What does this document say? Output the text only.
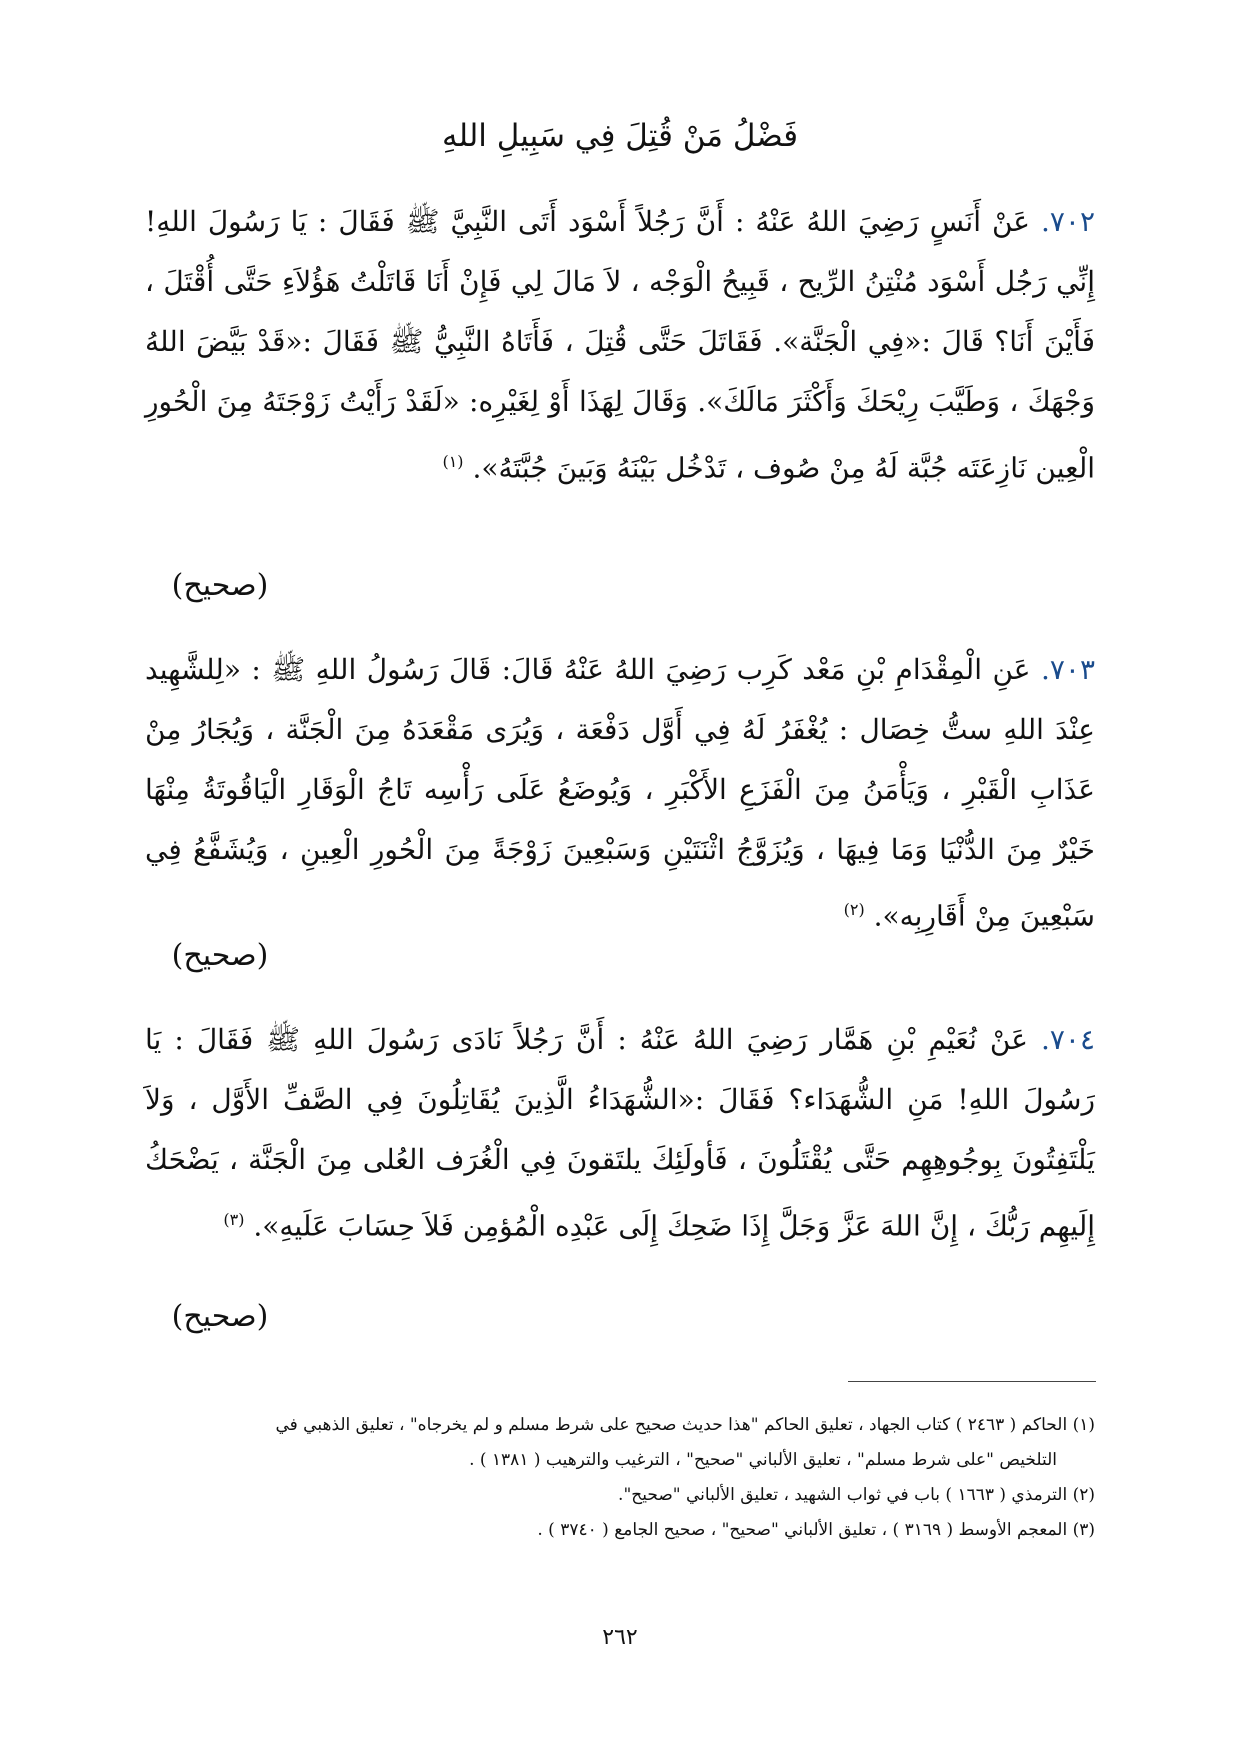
فَضْلُ مَنْ قُتِلَ فِي سَبِيلِ اللهِ
٧٠٢. عَنْ أَنَسٍ رَضِيَ اللهُ عَنْهُ : أَنَّ رَجُلاً أَسْوَد أَتَى النَّبِيَّ ﷺ فَقَالَ : يَا رَسُولَ اللهِ! إِنِّي رَجُل أَسْوَد مُنْتِنُ الرِّيح ، قَبِيحُ الْوَجْه ، لاَ مَالَ لِي فَإِنْ أَنَا قَاتَلْتُ هَؤُلاَءِ حَتَّى أُقْتَلَ ، فَأَيْنَ أَنَا؟ قَالَ :«فِي الْجَنَّة». فَقَاتَلَ حَتَّى قُتِلَ ، فَأَتَاهُ النَّبِيُّ ﷺ فَقَالَ :«قَدْ بَيَّضَ اللهُ وَجْهَكَ ، وَطَيَّبَ رِيْحَكَ وَأَكْثَرَ مَالَكَ». وَقَالَ لِهَذَا أَوْ لِغَيْرِه: «لَقَدْ رَأَيْتُ زَوْجَتَهُ مِنَ الْحُورِ الْعِين نَازِعَتَه جُبَّة لَهُ مِنْ صُوف ، تَدْخُل بَيْنَهُ وَبَينَ جُبَّتَهُ». $^{(١)}$
(صحيح)
٧٠٣. عَنِ الْمِقْدَامِ بْنِ مَعْد كَرِب رَضِيَ اللهُ عَنْهُ قَالَ: قَالَ رَسُولُ اللهِ ﷺ : «لِلشَّهِيد عِنْدَ اللهِ ستُّ خِصَال : يُغْفَرُ لَهُ فِي أَوَّل دَفْعَة ، وَيُرَى مَقْعَدَهُ مِنَ الْجَنَّة ، وَيُجَارُ مِنْ عَذَابِ الْقَبْرِ ، وَيَأْمَنُ مِنَ الْفَزَعِ الأَكْبَرِ ، وَيُوضَعُ عَلَى رَأْسِه تَاجُ الْوَقَارِ الْيَاقُوتَةُ مِنْهَا خَيْرٌ مِنَ الدُّنْيَا وَمَا فِيهَا ، وَيُزَوَّجُ اثْنَتَيْنِ وَسَبْعِينَ زَوْجَةً مِنَ الْحُورِ الْعِينِ ، وَيُشَفَّعُ فِي سَبْعِينَ مِنْ أَقَارِبِه». $^{(٢)}$
(صحيح)
٧٠٤. عَنْ نُعَيْمِ بْنِ هَمَّار رَضِيَ اللهُ عَنْهُ : أَنَّ رَجُلاً نَادَى رَسُولَ اللهِ ﷺ فَقَالَ : يَا رَسُولَ اللهِ! مَنِ الشُّهَدَاء؟ فَقَالَ :«الشُّهَدَاءُ الَّذِينَ يُقَاتِلُونَ فِي الصَّفِّ الأَوَّل ، وَلاَ يَلْتَفِتُونَ بِوجُوهِهِم حَتَّى يُقْتَلُونَ ، فَأولَئِكَ يلتَقونَ فِي الْغُرَف العُلى مِنَ الْجَنَّة ، يَضْحَكُ إِلَيهِم رَبُّكَ ، إِنَّ اللهَ عَزَّ وَجَلَّ إِذَا ضَحِكَ إِلَى عَبْدِه الْمُؤمِن فَلاَ حِسَابَ عَلَيهِ». $^{(٣)}$
(صحيح)
(١) الحاكم ( ٢٤٦٣ ) كتاب الجهاد ، تعليق الحاكم "هذا حديث صحيح على شرط مسلم و لم يخرجاه" ، تعليق الذهبي في
التلخيص "على شرط مسلم" ، تعليق الألباني "صحيح" ، الترغيب والترهيب ( ١٣٨١ ) .
(٢) الترمذي ( ١٦٦٣ ) باب في ثواب الشهيد ، تعليق الألباني "صحيح".
(٣) المعجم الأوسط ( ٣١٦٩ ) ، تعليق الألباني "صحيح" ، صحيح الجامع ( ٣٧٤٠ ) .
٢٦٢
